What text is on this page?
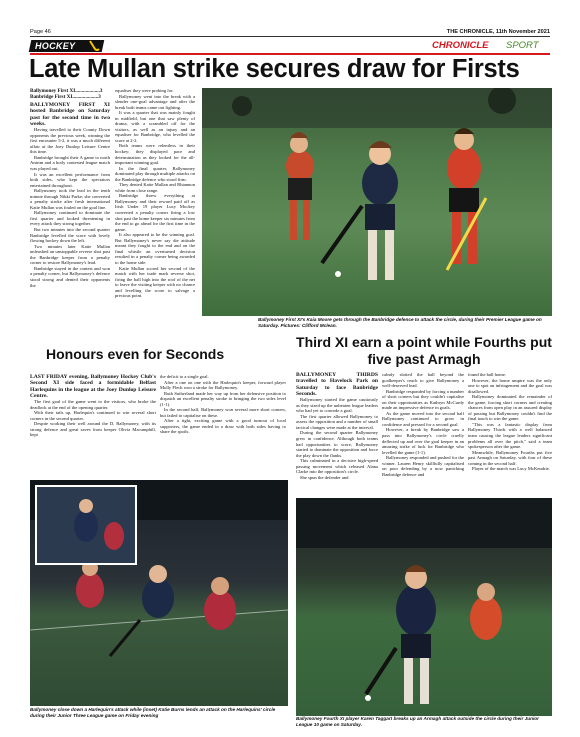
Page 46	THE CHRONICLE, 11th November 2021
HOCKEY	CHRONICLE SPORT
Late Mullan strike secures draw for Firsts
Ballymoney First XI...................3
Banbridge First XI....................3

BALLYMONEY FIRST XI hosted Banbridge on Saturday past for the second time in two weeks.

Having travelled to their County Down opponents the previous week, winning the first encounter 5-2, it was a much different affair at the Joey Dunlop Leisure Centre this time.

Banbridge brought their A game to north Antrim and a hotly contested league match was played out.

It was an excellent performance from both sides, who kept the spectators entertained throughout.

Ballymoney took the lead in the tenth minute through Nikki Parke; she converted a penalty stroke after fresh international Katie Mullan was fouled on the goal line.

Ballymoney continued to dominate the first quarter and looked threatening in every attack they strong together.

But two minutes into the second quarter Banbridge levelled the score with lovely flowing hockey down the left.

Two minutes later Katie Mullan unleashed an unstoppable reverse shot past the Banbridge keeper from a penalty corner to restore Ballymoney's lead.

Banbridge stayed in the contest and won a penalty corner, but Ballymoney's defence stood strong and denied their opponents the

equaliser they were probing for.

Ballymoney went into the break with a slender one-goal advantage and after the break both teams came out fighting.

It was a quarter that was mainly fought in midfield, but one that saw plenty of drama, with a scrambled off for the visitors, as well as an injury and an equaliser for Banbridge, who levelled the score at 2-2.

Both teams were relentless in their hockey; they displayed pace and determination as they looked for the all-important winning goal.

In the final quarter, Ballymoney dominated play through multiple attacks on the Banbridge defence who stood firm.

They denied Katie Mullan and Rhiannon white from close range.

Banbridge threw everything at Ballymoney and their reward paid off as Irish Under 19 player Lucy Mockey converted a penalty corner firing a low shot past the home keeper six minutes from the end to go ahead for the first time in the game.

It also appeared to be the winning goal. But Ballymoney's never say die attitude meant they fought to the end and on the final whistle an overturned decision resulted in a penalty corner being awarded to the home side.

Katie Mullan scored her second of the match with her trade mark reverse shot, firing the ball high into the roof of the net to leave the visiting keeper with no chance and levelling the score to salvage a precious point.

Ballymoney First XI's Kaia Moore gets through the Banbridge defence to attack the circle, during their Premier League game on Saturday. Pictures: Clifford Mclean.
Honours even for Seconds

LAST FRIDAY evening, Ballymoney Hockey Club's Second XI side faced a formidable Belfast Harlequins in the league at the Joey Dunlop Leisure Centre.

The first goal of the game went to the visitors, who broke the deadlock at the end of the opening quarter.

With their tails up, Harlequin's continued to win several short corners in the second quarter.

Despite working their well around the D, Ballymoney, with its strong defence and great saves from keeper Olivia Macumphill, kept

the deficit to a single goal.

After a one on one with the Harlequin's keeper, forward player Molly Fleck won a stroke for Ballymoney.

Ruth Sutherland made her way up from her defensive position to dispatch an excellent penalty stroke to bringing the two sides level (1-1).

In the second half, Ballymoney won several more short corners, but failed to capitalise on these.

After a tight, exciting game with a good turnout of local supporters, the game ended in a draw with both sides having to share the spoils.

Ballymoney close down a Harlequin's attack while (inset) Katie Burns lends an attack on the Harlequins' circle during their Junior Three League game on Friday evening
Third XI earn a point while Fourths put five past Armagh

BALLYMONEY THIRDS travelled to Havelock Park on Saturday to face Banbridge Seconds.

Ballymoney started the game cautiously as they sized up the unbeaten league leaders who had yet to concede a goal.

The first quarter allowed Ballymoney to assess the opposition and a number of small tactical changes were made at the interval.

During the second quarter Ballymoney grew in confidence. Although both teams had opportunities to score, Ballymoney started to dominate the opposition and force the play down the flanks.

This culminated in a decisive high-speed passing movement which released Alana Clarke into the opposition's circle.

She spun the defender and

calmly slotted the ball beyond the goalkeeper's reach to give Ballymoney a well-deserved lead.

Banbridge responded by forcing a number of short corners but they couldn't capitalise on their opportunities as Kathryn McCurdy made an impressive defence in goals.

As the game moved into the second half Ballymoney continued to grow in confidence and pressed for a second goal.

However, a break by Banbridge saw a pass into Ballymoney's circle cruelly deflected up and over the goal keeper in an amazing strike of luck for Banbridge who levelled the game (1-1).

Ballymoney responded and pushed for the winner. Lauren Henry skillfully capitalised on poor defending by a now panicking Banbridge defence and

found the ball home.

However, the home umpire was the only one to spot an infringement and the goal was disallowed.

Ballymoney dominated the remainder of the game, forcing short corners and creating chances from open play in an assured display of passing but Ballymoney couldn't find the final touch to win the game.

"This was a fantastic display from Ballymoney Thirds with a well balanced team causing the league leaders significant problems all over the pitch," said a team spokesperson after the game.

Meanwhile, Ballymoney Fourths put five past Armagh on Saturday, with four of these coming in the second half.

Player of the match was Lucy McKendrie.

Ballymoney Fourth XI player Karen Taggart breaks up an Armagh attack outside the circle during their Junior League 10 game on Saturday.
